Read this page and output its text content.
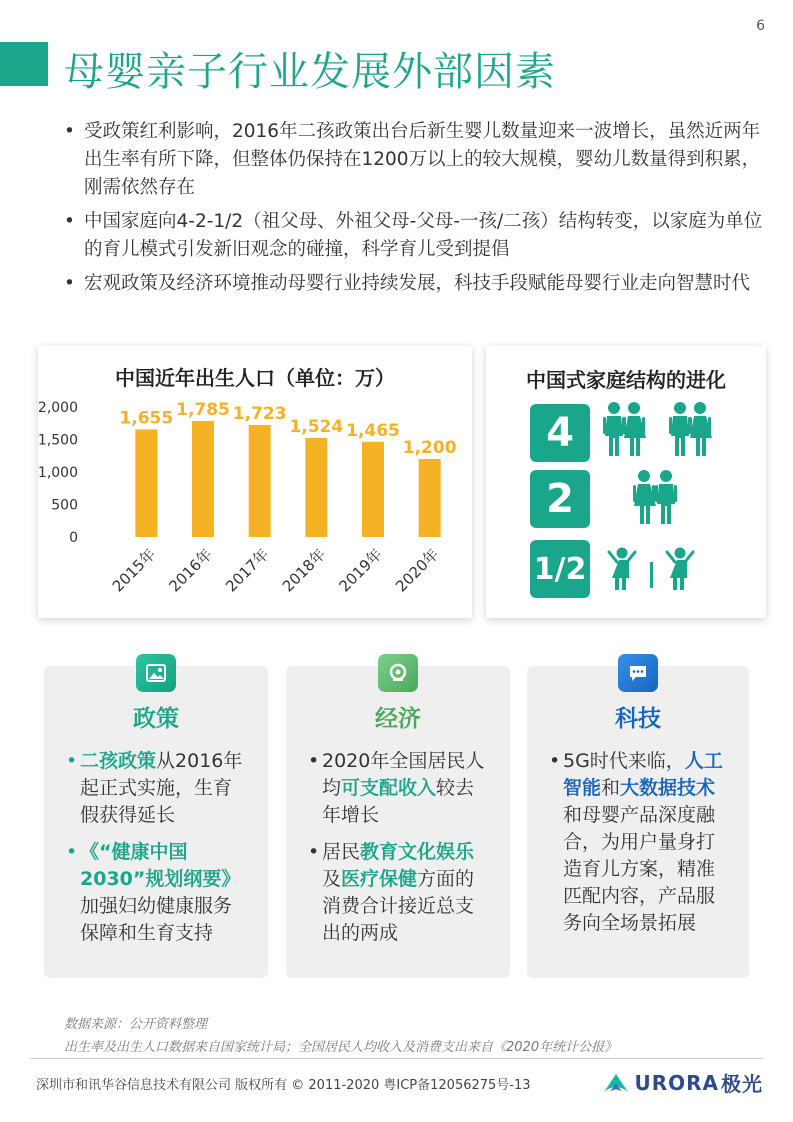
6
母婴亲子行业发展外部因素
• 受政策红利影响，2016年二孩政策出台后新生婴儿数量迎来一波增长，虽然近两年出生率有所下降，但整体仍保持在1200万以上的较大规模，婴幼儿数量得到积累，刚需依然存在
• 中国家庭向4-2-1/2（祖父母、外祖父母-父母-一孩/二孩）结构转变，以家庭为单位的育儿模式引发新旧观念的碰撞，科学育儿受到提倡
• 宏观政策及经济环境推动母婴行业持续发展，科技手段赋能母婴行业走向智慧时代
中国近年出生人口（单位：万）
2,000
1,500
1,000
500
0
1,655
2015年
1,785
2016年
1,723
2017年
1,524
2018年
1,465
2019年
1,200
2020年
中国式家庭结构的进化
4
2
1/2
政策
• 二孩政策从2016年起正式实施，生育假获得延长
• 《“健康中国2030”规划纲要》加强妇幼健康服务保障和生育支持
经济
• 2020年全国居民人均可支配收入较去年增长
• 居民教育文化娱乐及医疗保健方面的消费合计接近总支出的两成
科技
• 5G时代来临，人工智能和大数据技术和母婴产品深度融合，为用户量身打造育儿方案，精准匹配内容，产品服务向全场景拓展
数据来源：公开资料整理
出生率及出生人口数据来自国家统计局；全国居民人均收入及消费支出来自《2020年统计公报》
深圳市和讯华谷信息技术有限公司 版权所有 © 2011-2020 粤ICP备12056275号-13	URORA 极光
